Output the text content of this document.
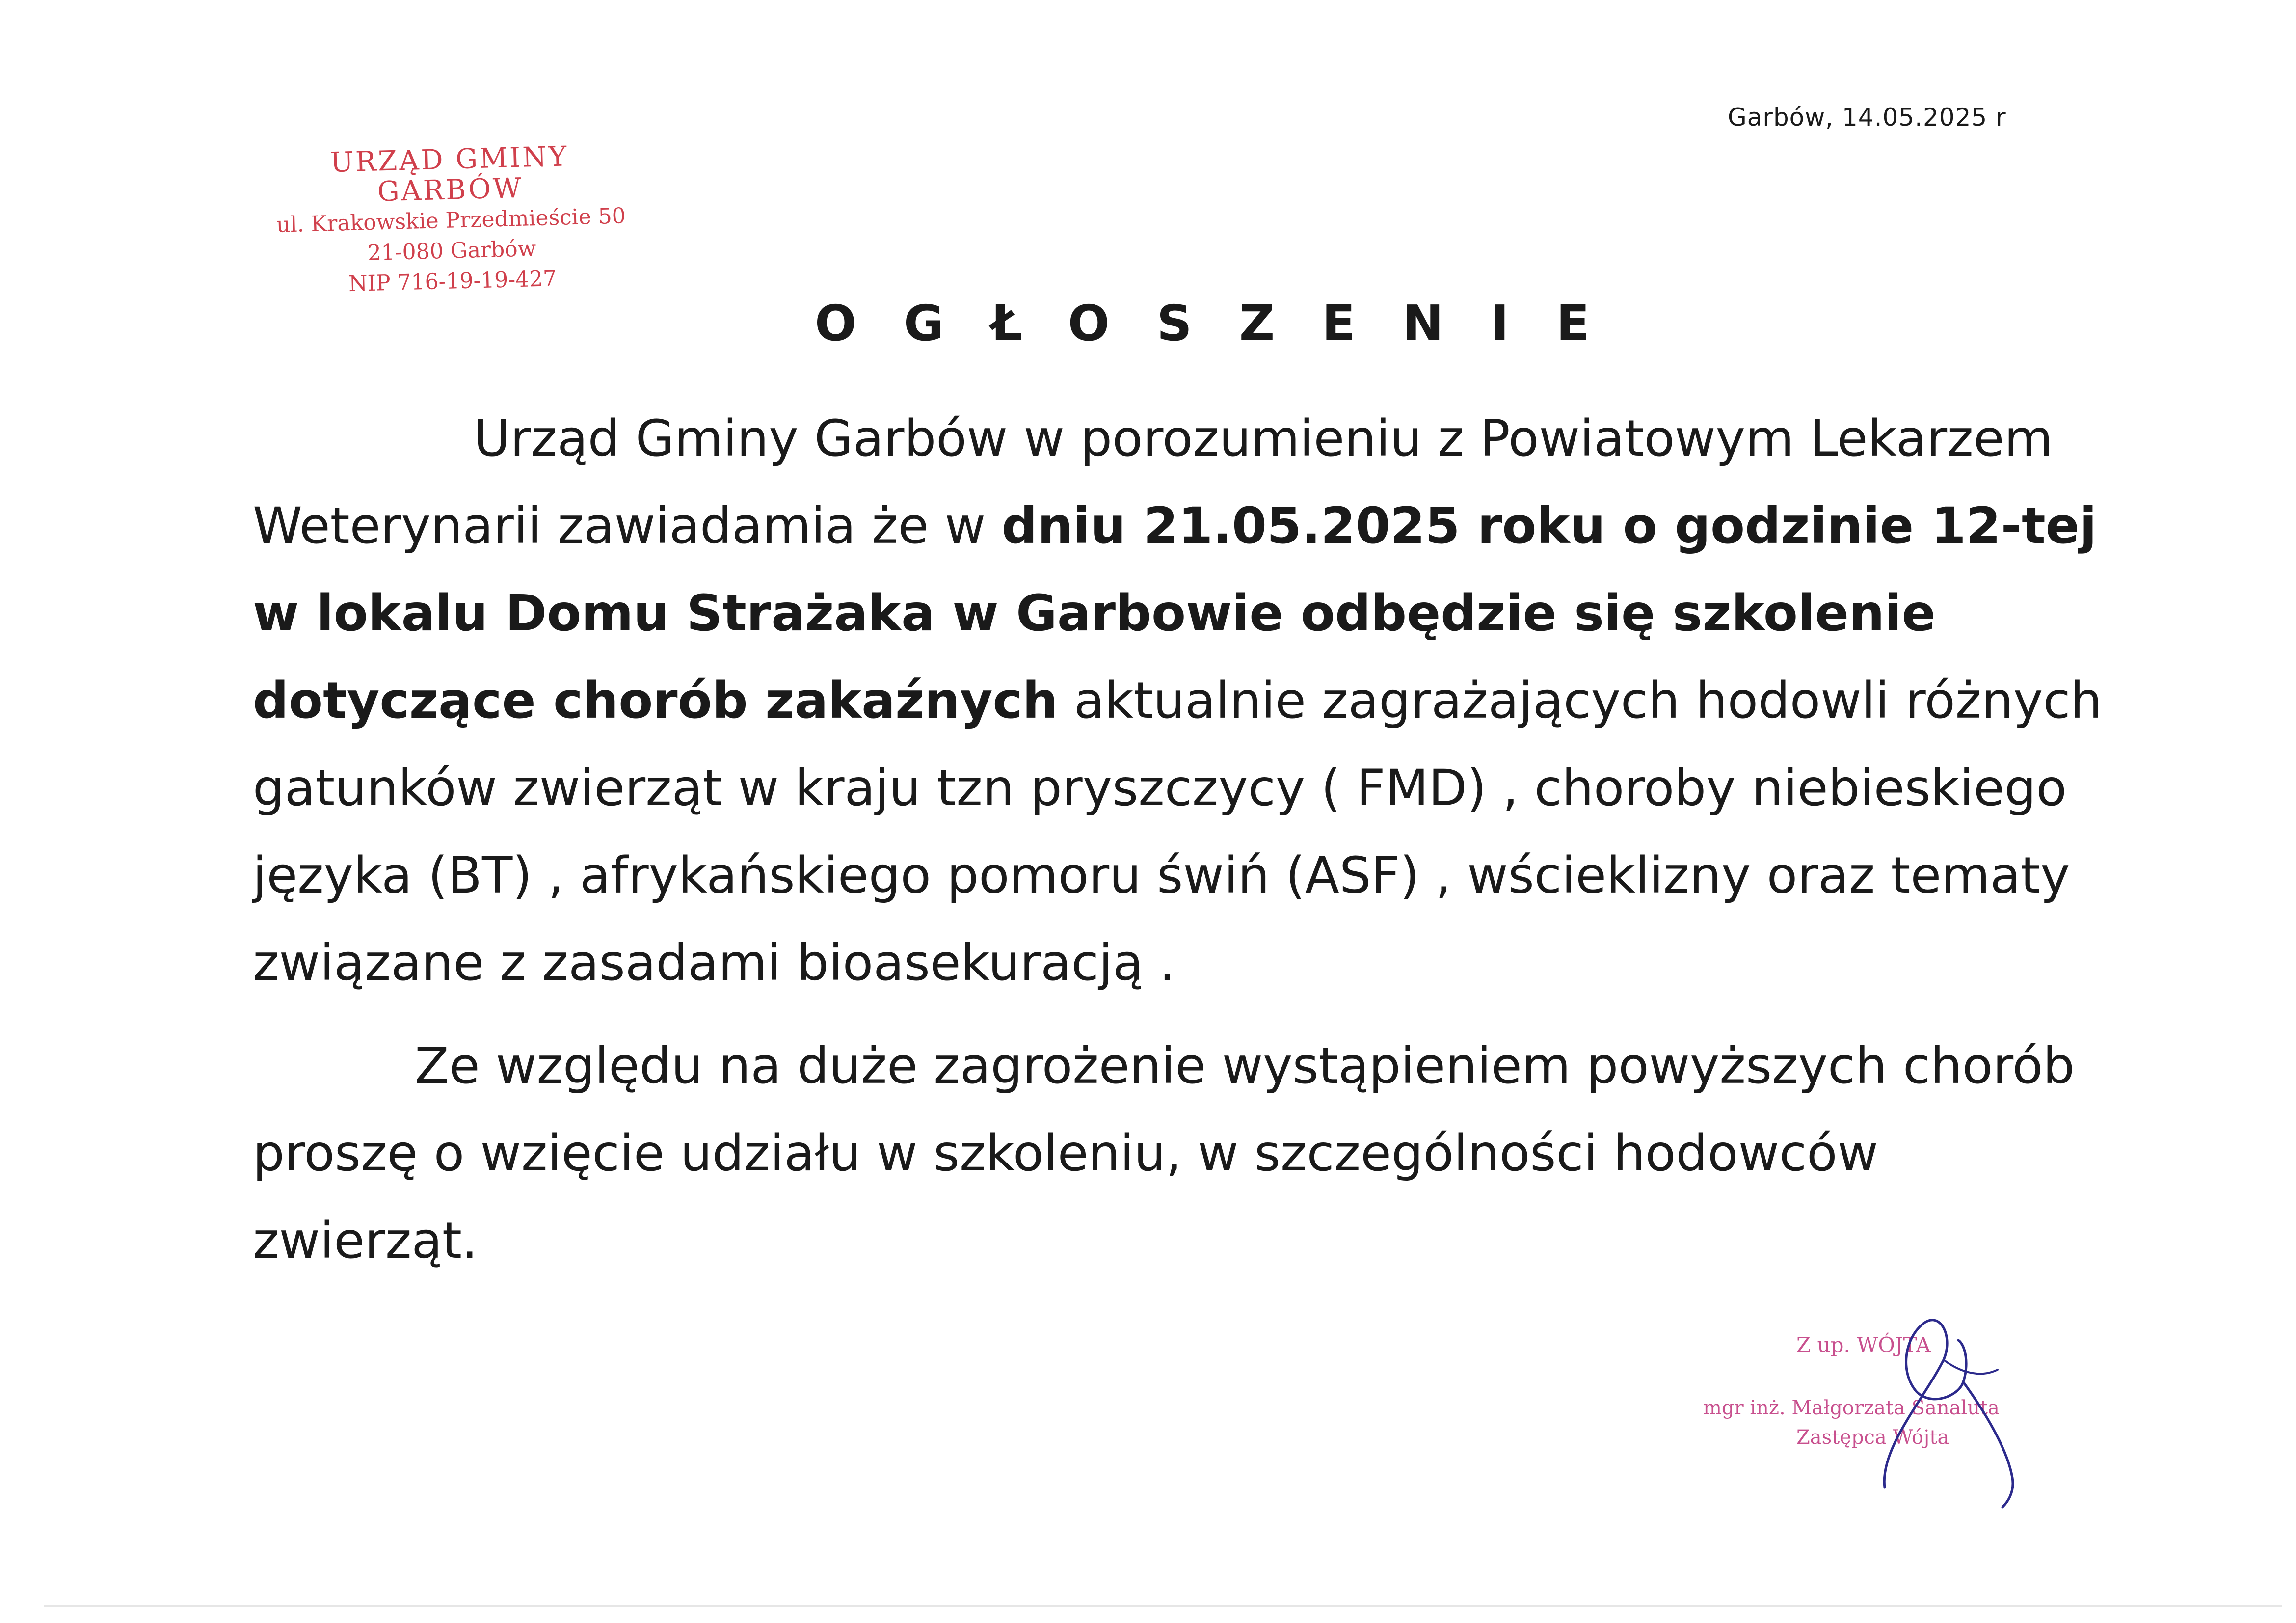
Garbów, 14.05.2025 r
URZĄD GMINY GARBÓW
ul. Krakowskie Przedmieście 50
21-080 Garbów
NIP 716-19-19-427
OGŁOSZENIE

Urząd Gminy Garbów w porozumieniu z Powiatowym Lekarzem Weterynarii zawiadamia że w dniu 21.05.2025 roku o godzinie 12-tej w lokalu Domu Strażaka w Garbowie odbędzie się szkolenie dotyczące chorób zakaźnych aktualnie zagrażających hodowli różnych gatunków zwierząt w kraju tzn pryszczycy ( FMD) , choroby niebieskiego języka (BT) , afrykańskiego pomoru świń (ASF) , wścieklizny oraz tematy związane z zasadami bioasekuracją .

Ze względu na duże zagrożenie wystąpieniem powyższych chorób proszę o wzięcie udziału w szkoleniu, w szczególności hodowców zwierząt.

Z up. WÓJTA
mgr inż. Małgorzata Sanaluta
Zastępca Wójta
